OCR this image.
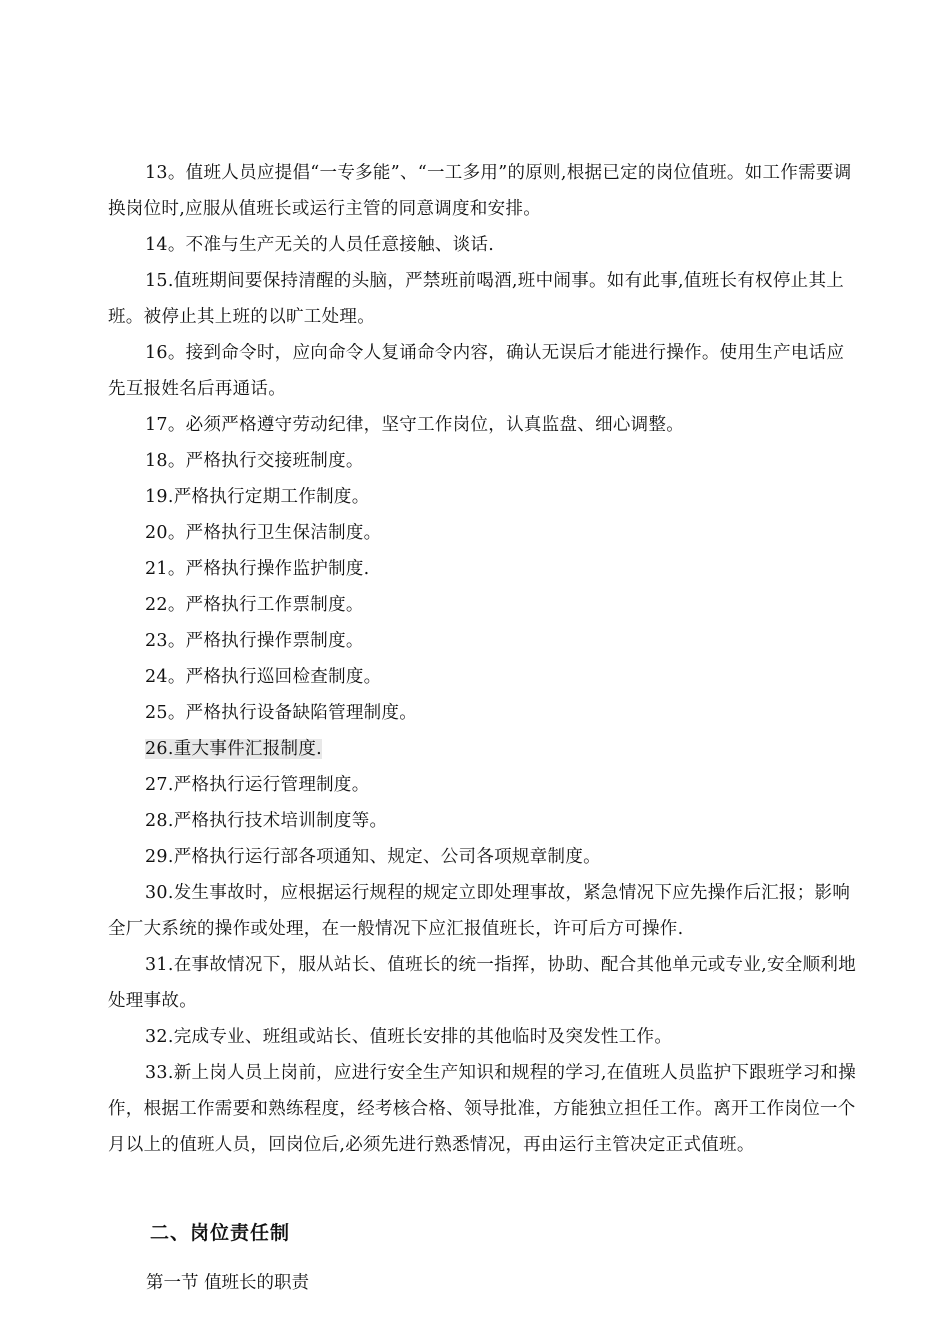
13。值班人员应提倡“一专多能”、“一工多用”的原则,根据已定的岗位值班。如工作需要调换岗位时,应服从值班长或运行主管的同意调度和安排。

14。不准与生产无关的人员任意接触、谈话.

15.值班期间要保持清醒的头脑，严禁班前喝酒,班中闹事。如有此事,值班长有权停止其上班。被停止其上班的以旷工处理。

16。接到命令时，应向命令人复诵命令内容，确认无误后才能进行操作。使用生产电话应先互报姓名后再通话。

17。必须严格遵守劳动纪律，坚守工作岗位，认真监盘、细心调整。

18。严格执行交接班制度。

19.严格执行定期工作制度。

20。严格执行卫生保洁制度。

21。严格执行操作监护制度.

22。严格执行工作票制度。

23。严格执行操作票制度。

24。严格执行巡回检查制度。

25。严格执行设备缺陷管理制度。

26.重大事件汇报制度.

27.严格执行运行管理制度。

28.严格执行技术培训制度等。

29.严格执行运行部各项通知、规定、公司各项规章制度。

30.发生事故时，应根据运行规程的规定立即处理事故，紧急情况下应先操作后汇报；影响全厂大系统的操作或处理，在一般情况下应汇报值班长，许可后方可操作.

31.在事故情况下，服从站长、值班长的统一指挥，协助、配合其他单元或专业,安全顺利地处理事故。

32.完成专业、班组或站长、值班长安排的其他临时及突发性工作。

33.新上岗人员上岗前，应进行安全生产知识和规程的学习,在值班人员监护下跟班学习和操作，根据工作需要和熟练程度，经考核合格、领导批准，方能独立担任工作。离开工作岗位一个月以上的值班人员，回岗位后,必须先进行熟悉情况，再由运行主管决定正式值班。

二、岗位责任制

第一节 值班长的职责
